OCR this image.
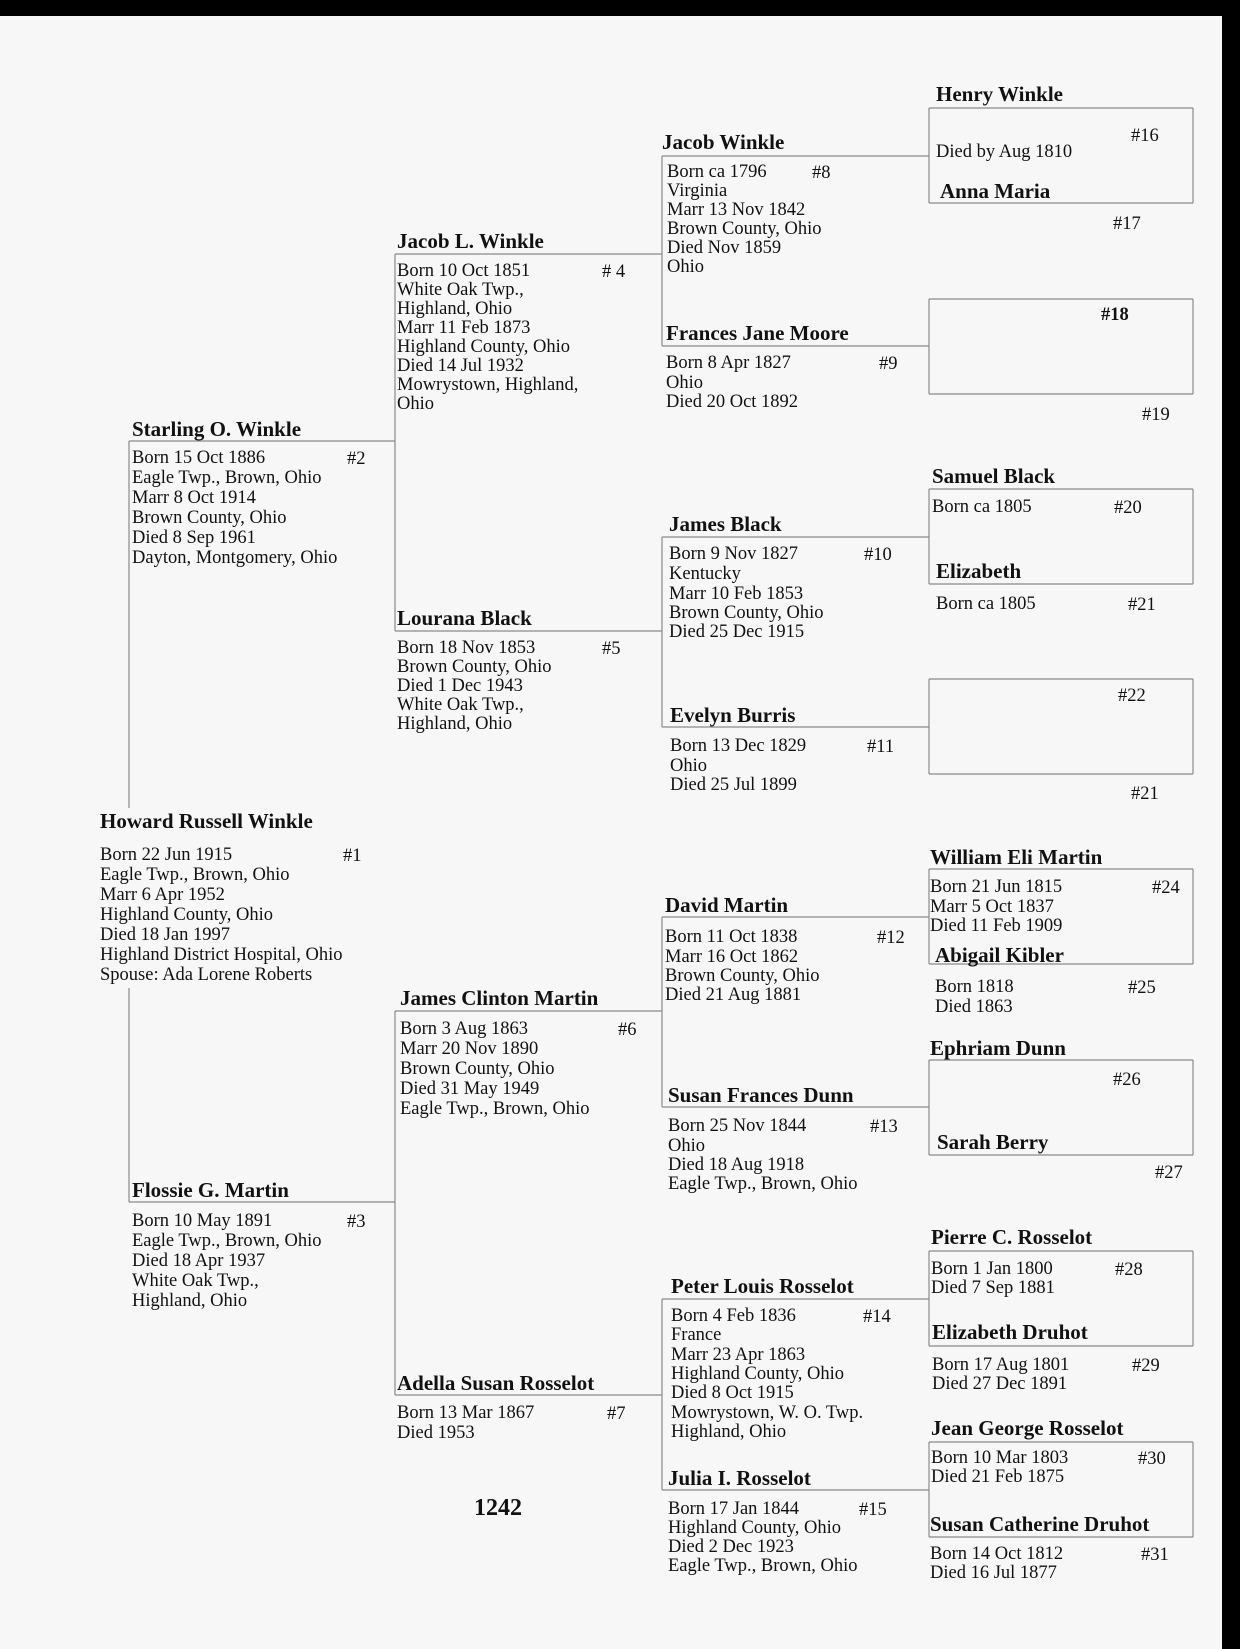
Howard Russell Winkle
#1
Born 22 Jun 1915
Eagle Twp., Brown, Ohio
Marr 6 Apr 1952
Highland County, Ohio
Died 18 Jan 1997
Highland District Hospital, Ohio
Spouse: Ada Lorene Roberts
Starling O. Winkle
#2
Born 15 Oct 1886
Eagle Twp., Brown, Ohio
Marr 8 Oct 1914
Brown County, Ohio
Died 8 Sep 1961
Dayton, Montgomery, Ohio
Flossie G. Martin
#3
Born 10 May 1891
Eagle Twp., Brown, Ohio
Died 18 Apr 1937
White Oak Twp.,
Highland, Ohio
Jacob L. Winkle
# 4
Born 10 Oct 1851
White Oak Twp.,
Highland, Ohio
Marr 11 Feb 1873
Highland County, Ohio
Died 14 Jul 1932
Mowrystown, Highland,
Ohio
Lourana Black
#5
Born 18 Nov 1853
Brown County, Ohio
Died 1 Dec 1943
White Oak Twp.,
Highland, Ohio
James Clinton Martin
#6
Born 3 Aug 1863
Marr 20 Nov 1890
Brown County, Ohio
Died 31 May 1949
Eagle Twp., Brown, Ohio
Adella Susan Rosselot
#7
Born 13 Mar 1867
Died 1953
Jacob Winkle
#8
Born ca 1796
Virginia
Marr 13 Nov 1842
Brown County, Ohio
Died Nov 1859
Ohio
Frances Jane Moore
#9
Born 8 Apr 1827
Ohio
Died 20 Oct 1892
James Black
#10
Born 9 Nov 1827
Kentucky
Marr 10 Feb 1853
Brown County, Ohio
Died 25 Dec 1915
Evelyn Burris
#11
Born 13 Dec 1829
Ohio
Died 25 Jul 1899
David Martin
#12
Born 11 Oct 1838
Marr 16 Oct 1862
Brown County, Ohio
Died 21 Aug 1881
Susan Frances Dunn
#13
Born 25 Nov 1844
Ohio
Died 18 Aug 1918
Eagle Twp., Brown, Ohio
Peter Louis Rosselot
#14
Born 4 Feb 1836
France
Marr 23 Apr 1863
Highland County, Ohio
Died 8 Oct 1915
Mowrystown, W. O. Twp.
Highland, Ohio
Julia I. Rosselot
#15
Born 17 Jan 1844
Highland County, Ohio
Died 2 Dec 1923
Eagle Twp., Brown, Ohio
Henry Winkle
#16
Died by Aug 1810
Anna Maria
#17
#18
#19
Samuel Black
#20
Born ca 1805
Elizabeth
#21
Born ca 1805
#22
#21
William Eli Martin
#24
Born 21 Jun 1815
Marr 5 Oct 1837
Died 11 Feb 1909
Abigail Kibler
#25
Born 1818
Died 1863
Ephriam Dunn
#26
Sarah Berry
#27
Pierre C. Rosselot
#28
Born 1 Jan 1800
Died 7 Sep 1881
Elizabeth Druhot
#29
Born 17 Aug 1801
Died 27 Dec 1891
Jean George Rosselot
#30
Born 10 Mar 1803
Died 21 Feb 1875
Susan Catherine Druhot
#31
Born 14 Oct 1812
Died 16 Jul 1877
1242
